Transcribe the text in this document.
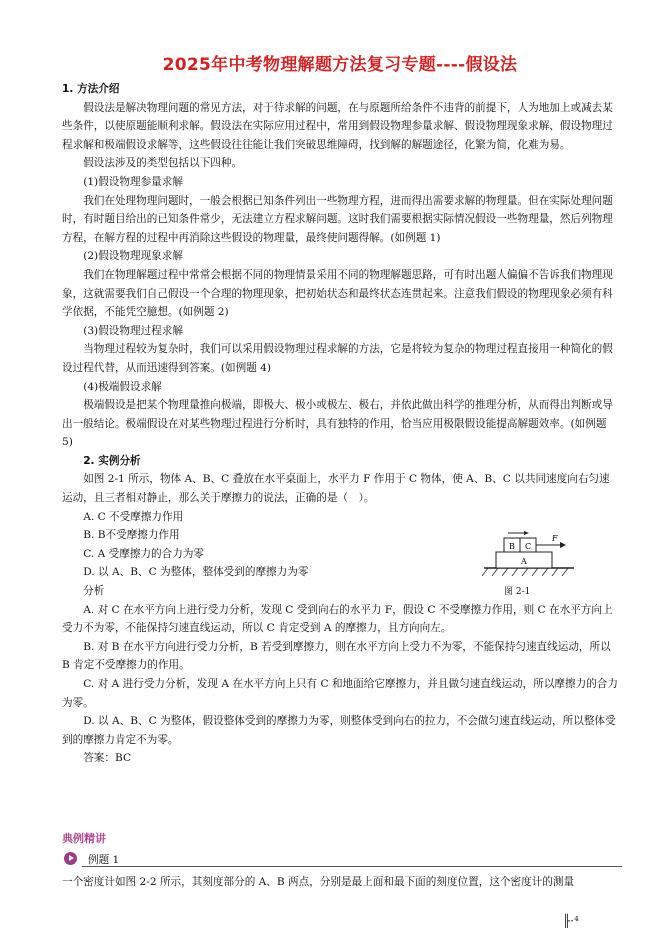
2025年中考物理解题方法复习专题----假设法

1. 方法介绍

假设法是解决物理问题的常见方法，对于待求解的问题，在与原题所给条件不违背的前提下，人为地加上或减去某些条件，以使原题能顺利求解。假设法在实际应用过程中，常用到假设物理参量求解、假设物理现象求解、假设物理过程求解和极端假设求解等，这些假设往往能让我们突破思维障碍，找到解的解题途径，化繁为简，化难为易。

假设法涉及的类型包括以下四种。

(1)假设物理参量求解

我们在处理物理问题时，一般会根据已知条件列出一些物理方程，进而得出需要求解的物理量。但在实际处理问题时，有时题目给出的已知条件常少，无法建立方程求解问题。这时我们需要根据实际情况假设一些物理量，然后列物理方程，在解方程的过程中再消除这些假设的物理量，最终使问题得解。(如例题 1)

(2)假设物理现象求解

我们在物理解题过程中常常会根据不同的物理情景采用不同的物理解题思路，可有时出题人偏偏不告诉我们物理现象，这就需要我们自己假设一个合理的物理现象，把初始状态和最终状态连贯起来。注意我们假设的物理现象必须有科学依据，不能凭空臆想。(如例题 2)

(3)假设物理过程求解

当物理过程较为复杂时，我们可以采用假设物理过程求解的方法，它是将较为复杂的物理过程直接用一种简化的假设过程代替，从而迅速得到答案。(如例题 4)

(4)极端假设求解

极端假设是把某个物理量推向极端，即极大、极小或极左、极右，并依此做出科学的推理分析，从而得出判断或导出一般结论。极端假设在对某些物理过程进行分析时，具有独特的作用，恰当应用极限假设能提高解题效率。(如例题 5)

2. 实例分析

如图 2-1 所示，物体 A、B、C 叠放在水平桌面上，水平力 F 作用于 C 物体，使 A、B、C 以共同速度向右匀速运动，且三者相对静止，那么关于摩擦力的说法，正确的是（　）。

A. C 不受摩擦力作用

B. B不受摩擦力作用

C. A 受摩擦力的合力为零

D. 以 A、B、C 为整体，整体受到的摩擦力为零

分析

A. 对 C 在水平方向上进行受力分析，发现 C 受到向右的水平力 F，假设 C 不受摩擦力作用，则 C 在水平方向上受力不为零，不能保持匀速直线运动，所以 C 肯定受到 A 的摩擦力，且方向向左。

B. 对 B 在水平方向进行受力分析，B 若受到摩擦力，则在水平方向上受力不为零，不能保持匀速直线运动，所以 B 肯定不受摩擦力的作用。

C. 对 A 进行受力分析，发现 A 在水平方向上只有 C 和地面给它摩擦力，并且做匀速直线运动，所以摩擦力的合力为零。

D. 以 A、B、C 为整体，假设整体受到的摩擦力为零，则整体受到向右的拉力，不会做匀速直线运动，所以整体受到的摩擦力肯定不为零。

答案：BC

A
B C
F
图 2-1
典例精讲
例题 1
一个密度计如图 2-2 所示，其刻度部分的 A、B 两点，分别是最上面和最下面的刻度位置，这个密度计的测量
╟·⁴
